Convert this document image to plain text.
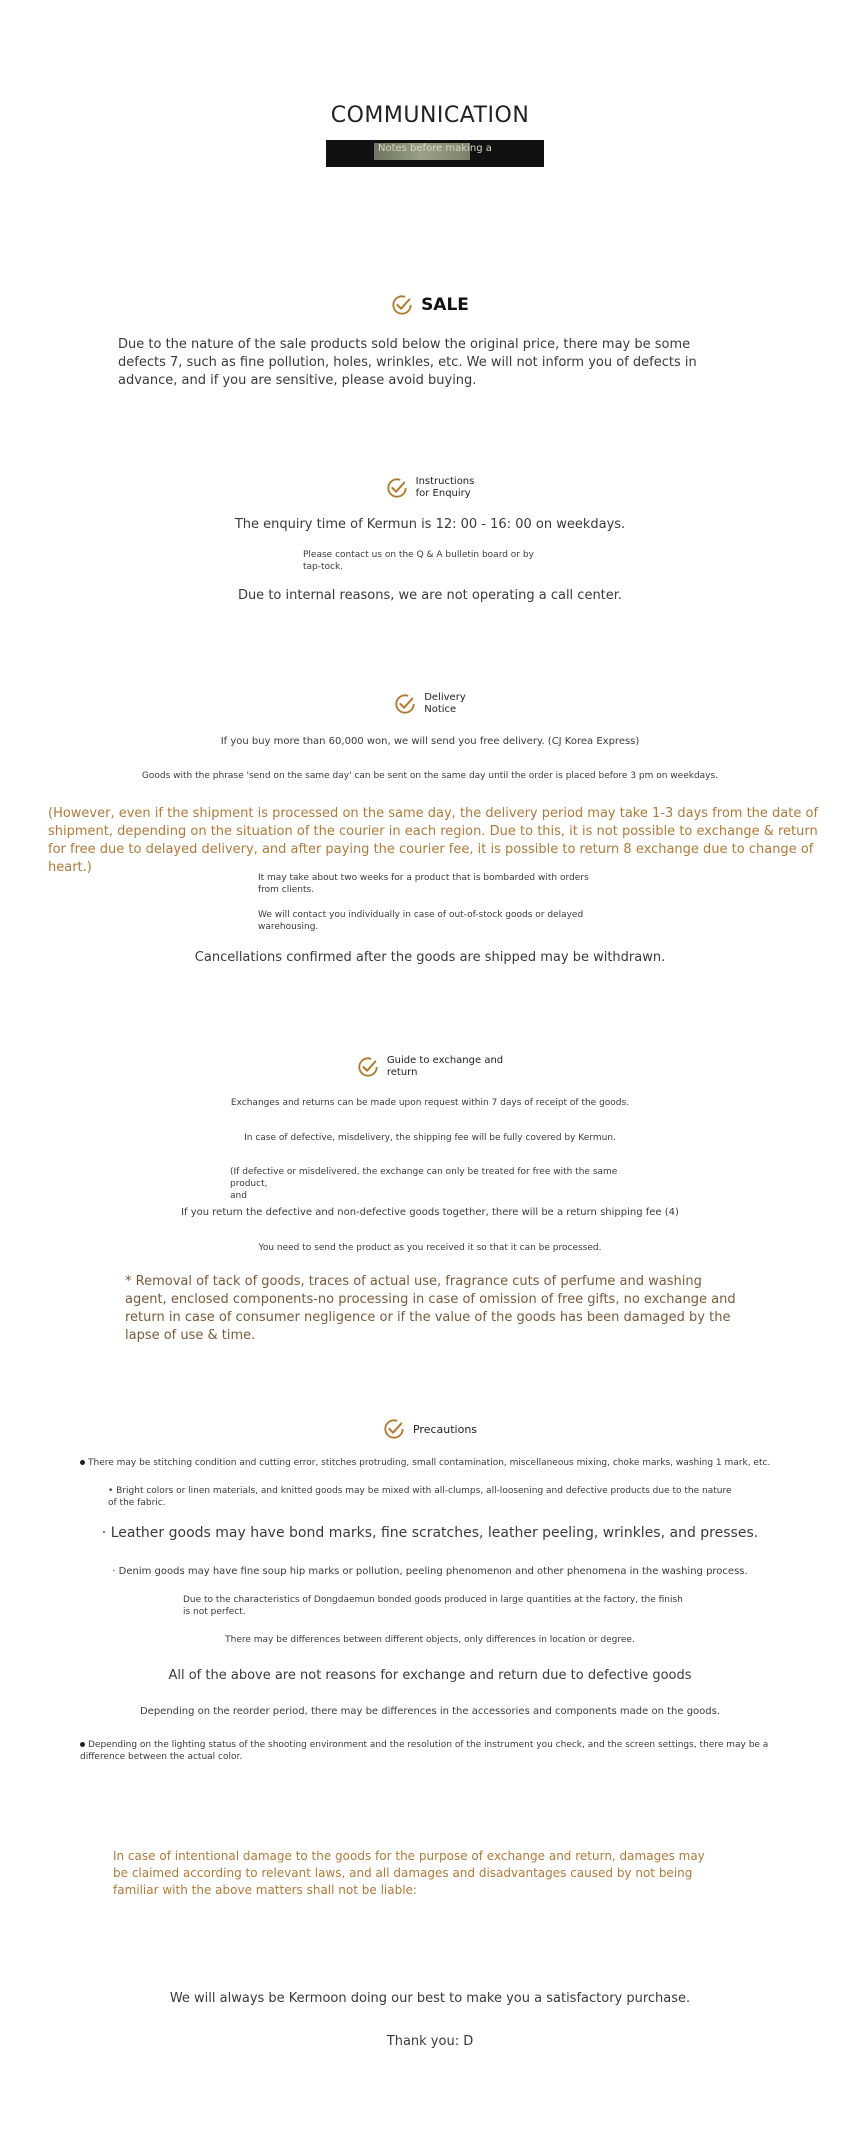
COMMUNICATION
Notes before making a
SALE
Due to the nature of the sale products sold below the original price, there may be some defects 7, such as fine pollution, holes, wrinkles, etc. We will not inform you of defects in advance, and if you are sensitive, please avoid buying.
Instructions
for Enquiry
The enquiry time of Kermun is 12: 00 - 16: 00 on weekdays.
Please contact us on the Q & A bulletin board or by tap-tock.
Due to internal reasons, we are not operating a call center.
Delivery
Notice
If you buy more than 60,000 won, we will send you free delivery. (CJ Korea Express)
Goods with the phrase 'send on the same day' can be sent on the same day until the order is placed before 3 pm on weekdays.
(However, even if the shipment is processed on the same day, the delivery period may take 1-3 days from the date of shipment, depending on the situation of the courier in each region. Due to this, it is not possible to exchange & return for free due to delayed delivery, and after paying the courier fee, it is possible to return 8 exchange due to change of heart.)
It may take about two weeks for a product that is bombarded with orders from clients.
We will contact you individually in case of out-of-stock goods or delayed warehousing.
Cancellations confirmed after the goods are shipped may be withdrawn.
Guide to exchange and
return
Exchanges and returns can be made upon request within 7 days of receipt of the goods.
In case of defective, misdelivery, the shipping fee will be fully covered by Kermun.
(If defective or misdelivered, the exchange can only be treated for free with the same product,
and
If you return the defective and non-defective goods together, there will be a return shipping fee (4)
You need to send the product as you received it so that it can be processed.
* Removal of tack of goods, traces of actual use, fragrance cuts of perfume and washing agent, enclosed components-no processing in case of omission of free gifts, no exchange and return in case of consumer negligence or if the value of the goods has been damaged by the lapse of use & time.
Precautions
There may be stitching condition and cutting error, stitches protruding, small contamination, miscellaneous mixing, choke marks, washing 1 mark, etc.
• Bright colors or linen materials, and knitted goods may be mixed with all-clumps, all-loosening and defective products due to the nature of the fabric.
· Leather goods may have bond marks, fine scratches, leather peeling, wrinkles, and presses.
· Denim goods may have fine soup hip marks or pollution, peeling phenomenon and other phenomena in the washing process.
Due to the characteristics of Dongdaemun bonded goods produced in large quantities at the factory, the finish is not perfect.
There may be differences between different objects, only differences in location or degree.
All of the above are not reasons for exchange and return due to defective goods
Depending on the reorder period, there may be differences in the accessories and components made on the goods.
Depending on the lighting status of the shooting environment and the resolution of the instrument you check, and the screen settings, there may be a difference between the actual color.
In case of intentional damage to the goods for the purpose of exchange and return, damages may be claimed according to relevant laws, and all damages and disadvantages caused by not being familiar with the above matters shall not be liable:
We will always be Kermoon doing our best to make you a satisfactory purchase.
Thank you: D
